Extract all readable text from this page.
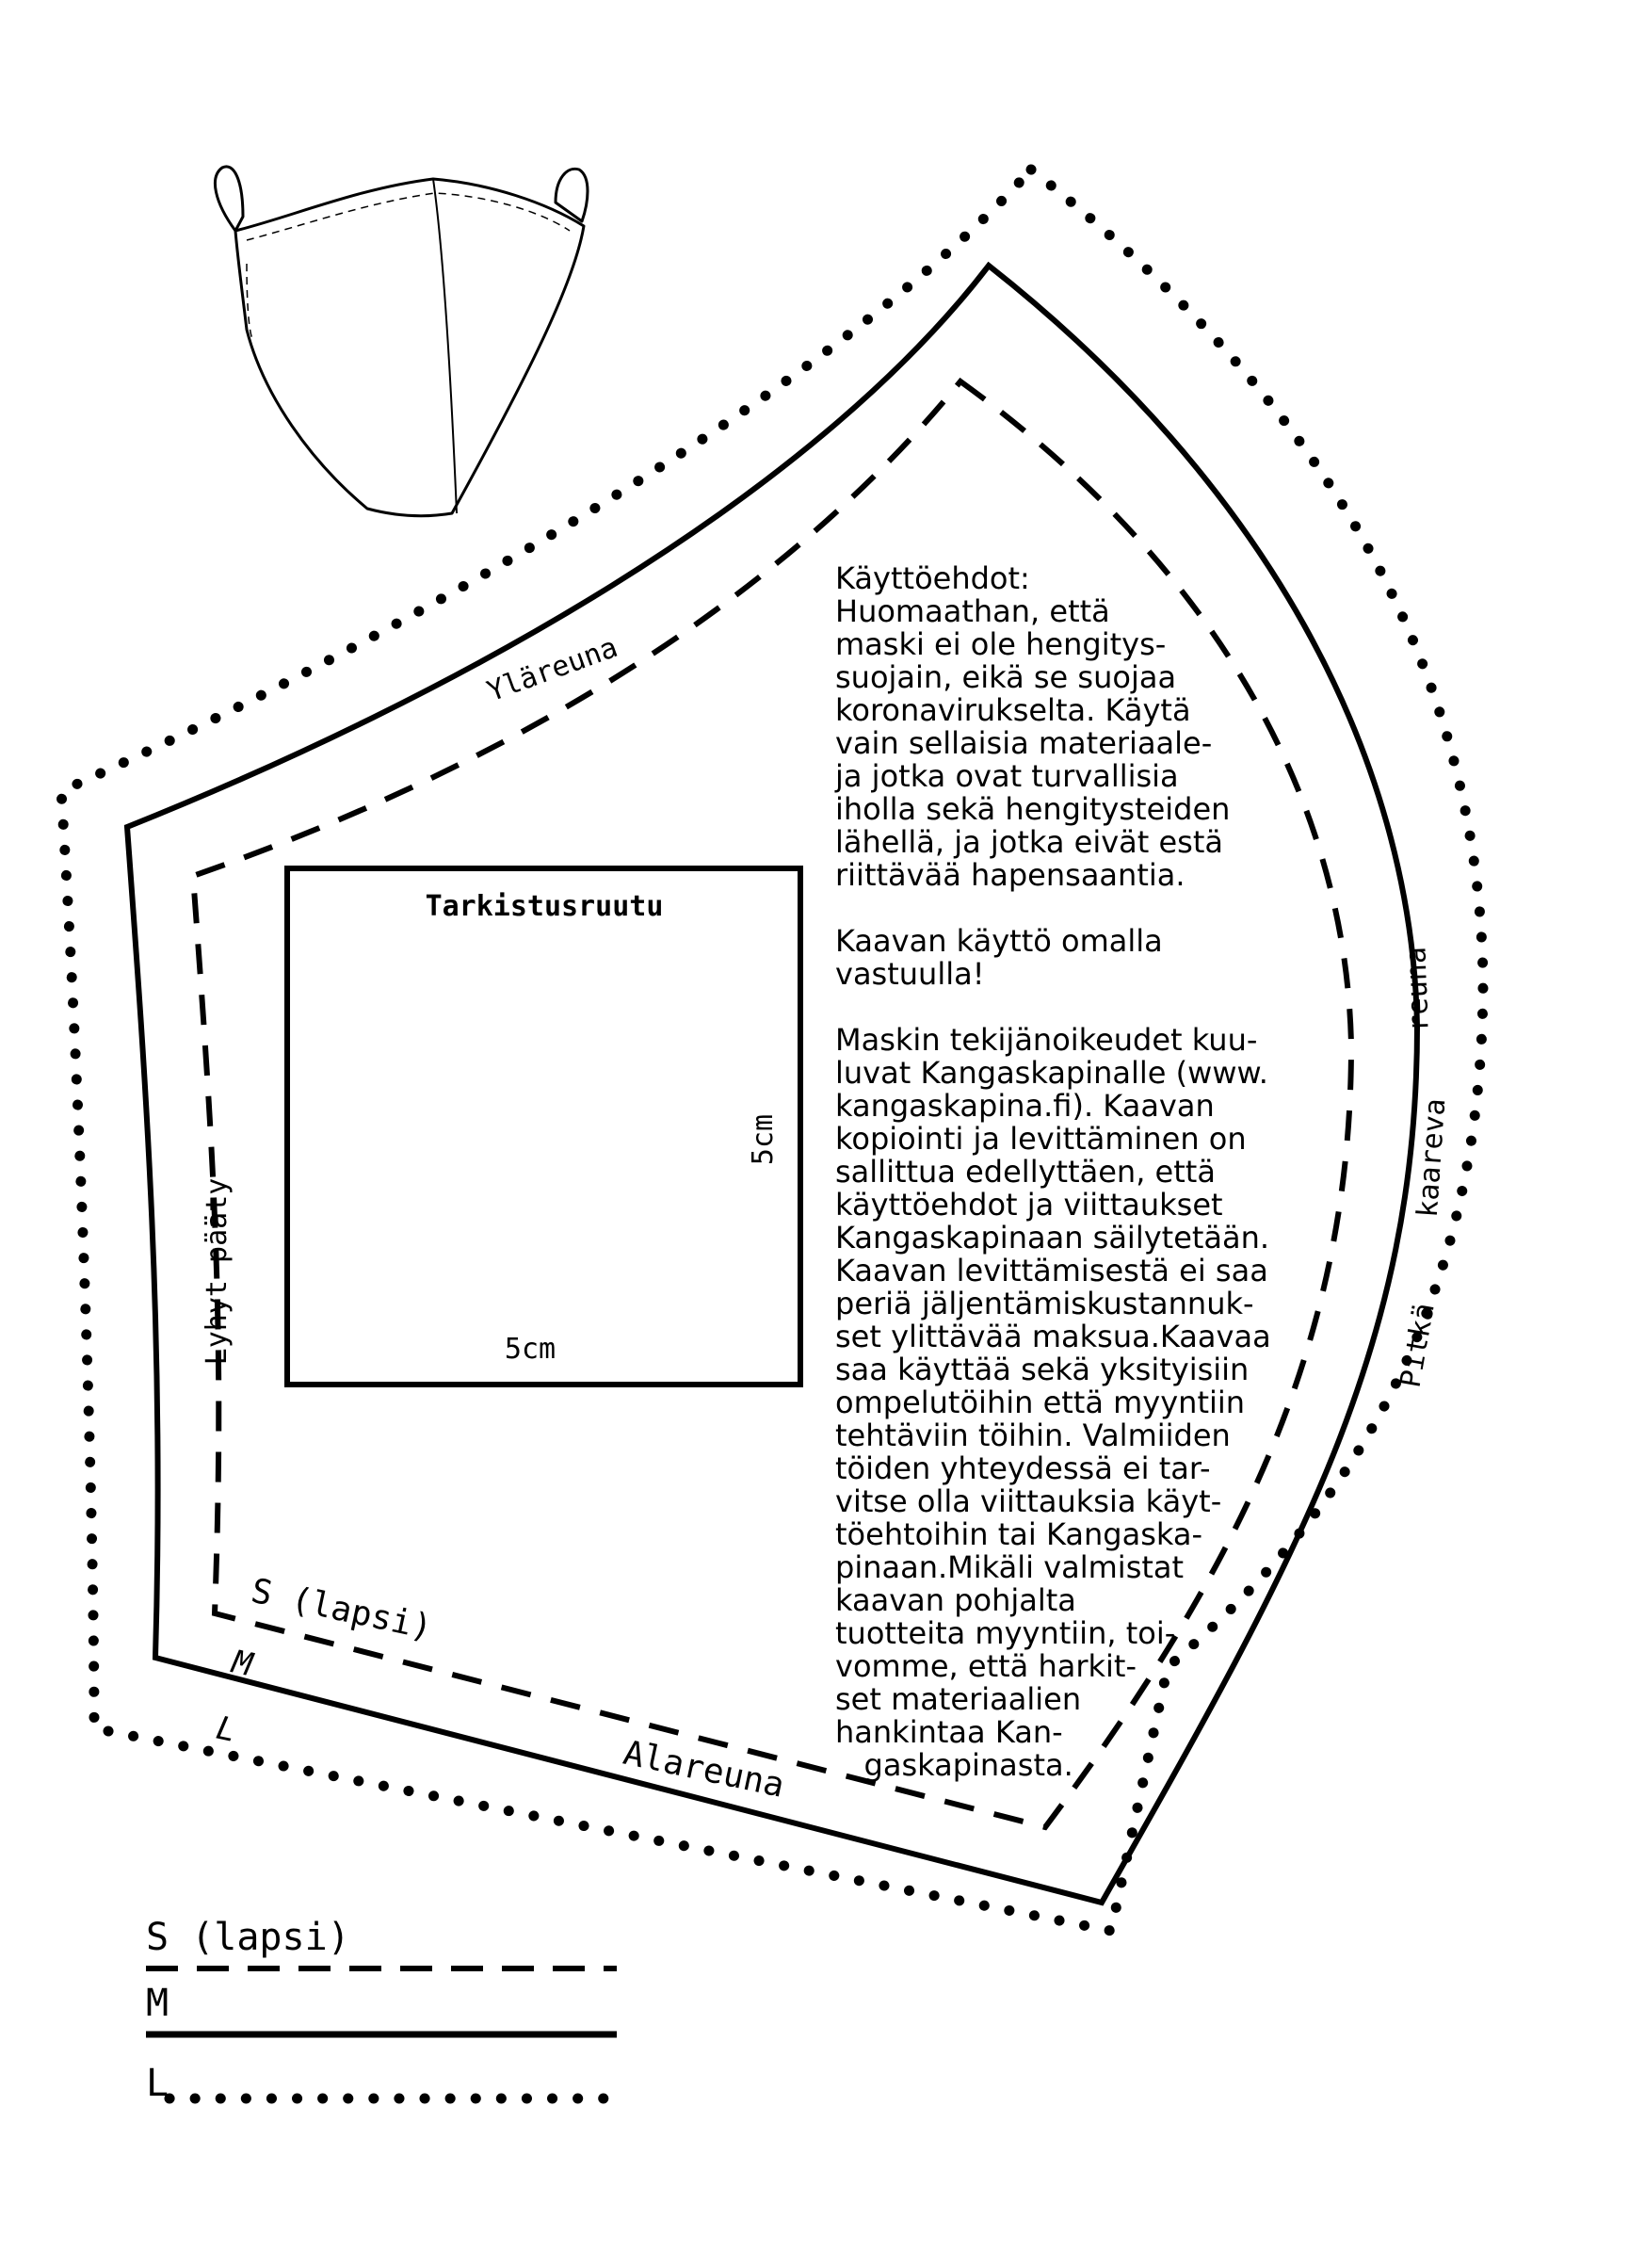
Tarkistusruutu
5cm
5cm
Yläreuna
Alareuna
Lyhyt pääty	Pitkä
kaareva
reuna
S (lapsi)
M
L
S (lapsi)
M
L

Käyttöehdot:

Huomaathan, että

maski ei ole hengitys-

suojain, eikä se suojaa

koronavirukselta. Käytä

vain sellaisia materiaale-

ja jotka ovat turvallisia

iholla sekä hengitysteiden

lähellä, ja jotka eivät estä

riittävää hapensaantia.

Kaavan käyttö omalla

vastuulla!

Maskin tekijänoikeudet kuu-

luvat Kangaskapinalle (www.

kangaskapina.fi). Kaavan

kopiointi ja levittäminen on

sallittua edellyttäen, että

käyttöehdot ja viittaukset

Kangaskapinaan säilytetään.

Kaavan levittämisestä ei saa

periä jäljentämiskustannuk-

set ylittävää maksua.Kaavaa

saa käyttää sekä yksityisiin

ompelutöihin että myyntiin

tehtäviin töihin. Valmiiden

töiden yhteydessä ei tar-

vitse olla viittauksia käyt-

töehtoihin tai Kangaska-

pinaan.Mikäli valmistat

kaavan pohjalta

tuotteita myyntiin, toi-

vomme, että harkit-

set materiaalien

hankintaa Kan-

gaskapinasta.
